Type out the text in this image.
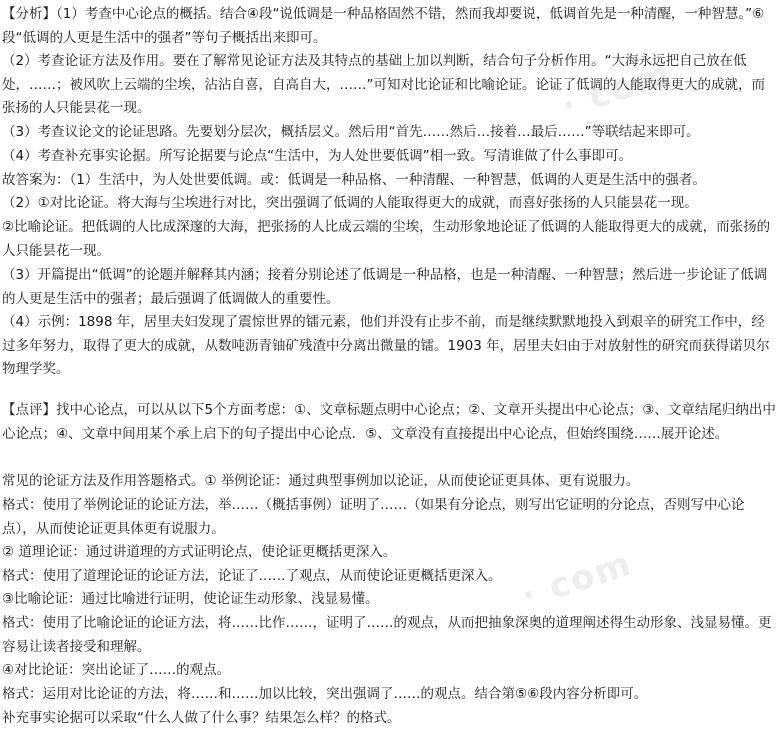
· com
· com

【分析】（1）考查中心论点的概括。结合④段“说低调是一种品格固然不错，然而我却要说，低调首先是一种清醒，一种智慧。”⑥段“低调的人更是生活中的强者”等句子概括出来即可。

（2）考查论证方法及作用。要在了解常见论证方法及其特点的基础上加以判断，结合句子分析作用。“大海永远把自己放在低处，……；被风吹上云端的尘埃，沾沾自喜，自高自大，……”可知对比论证和比喻论证。论证了低调的人能取得更大的成就，而张扬的人只能昙花一现。

（3）考查议论文的论证思路。先要划分层次，概括层义。然后用“首先……然后…接着…最后……”等联结起来即可。

（4）考查补充事实论据。所写论据要与论点“生活中，为人处世要低调”相一致。写清谁做了什么事即可。

故答案为：（1）生活中，为人处世要低调。或：低调是一种品格、一种清醒、一种智慧，低调的人更是生活中的强者。

（2）①对比论证。将大海与尘埃进行对比，突出强调了低调的人能取得更大的成就，而喜好张扬的人只能昙花一现。

②比喻论证。把低调的人比成深邃的大海，把张扬的人比成云端的尘埃，生动形象地论证了低调的人能取得更大的成就，而张扬的人只能昙花一现。

（3）开篇提出“低调”的论题并解释其内涵；接着分别论述了低调是一种品格，也是一种清醒、一种智慧；然后进一步论证了低调的人更是生活中的强者；最后强调了低调做人的重要性。

（4）示例：1898 年，居里夫妇发现了震惊世界的镭元素，他们并没有止步不前，而是继续默默地投入到艰辛的研究工作中，经过多年努力，取得了更大的成就，从数吨沥青铀矿残渣中分离出微量的镭。1903 年，居里夫妇由于对放射性的研究而获得诺贝尔物理学奖。

【点评】找中心论点，可以从以下5个方面考虑：①、文章标题点明中心论点；②、文章开头提出中心论点；③、文章结尾归纳出中心论点；④、文章中间用某个承上启下的句子提出中心论点．⑤、文章没有直接提出中心论点，但始终围绕……展开论述。

常见的论证方法及作用答题格式。① 举例论证：通过典型事例加以论证，从而使论证更具体、更有说服力。

格式：使用了举例论证的论证方法，举……（概括事例）证明了……（如果有分论点，则写出它证明的分论点，否则写中心论点），从而使论证更具体更有说服力。

② 道理论证：通过讲道理的方式证明论点，使论证更概括更深入。

格式：使用了道理论证的论证方法，论证了……了观点，从而使论证更概括更深入。

③比喻论证：通过比喻进行证明，使论证生动形象、浅显易懂。

格式：使用了比喻论证的论证方法，将……比作……，证明了……的观点，从而把抽象深奥的道理阐述得生动形象、浅显易懂。更容易让读者接受和理解。

④对比论证：突出论证了……的观点。

格式：运用对比论证的方法，将……和……加以比较，突出强调了……的观点。结合第⑤⑥段内容分析即可。

补充事实论据可以采取“什么人做了什么事？结果怎么样？的格式。
